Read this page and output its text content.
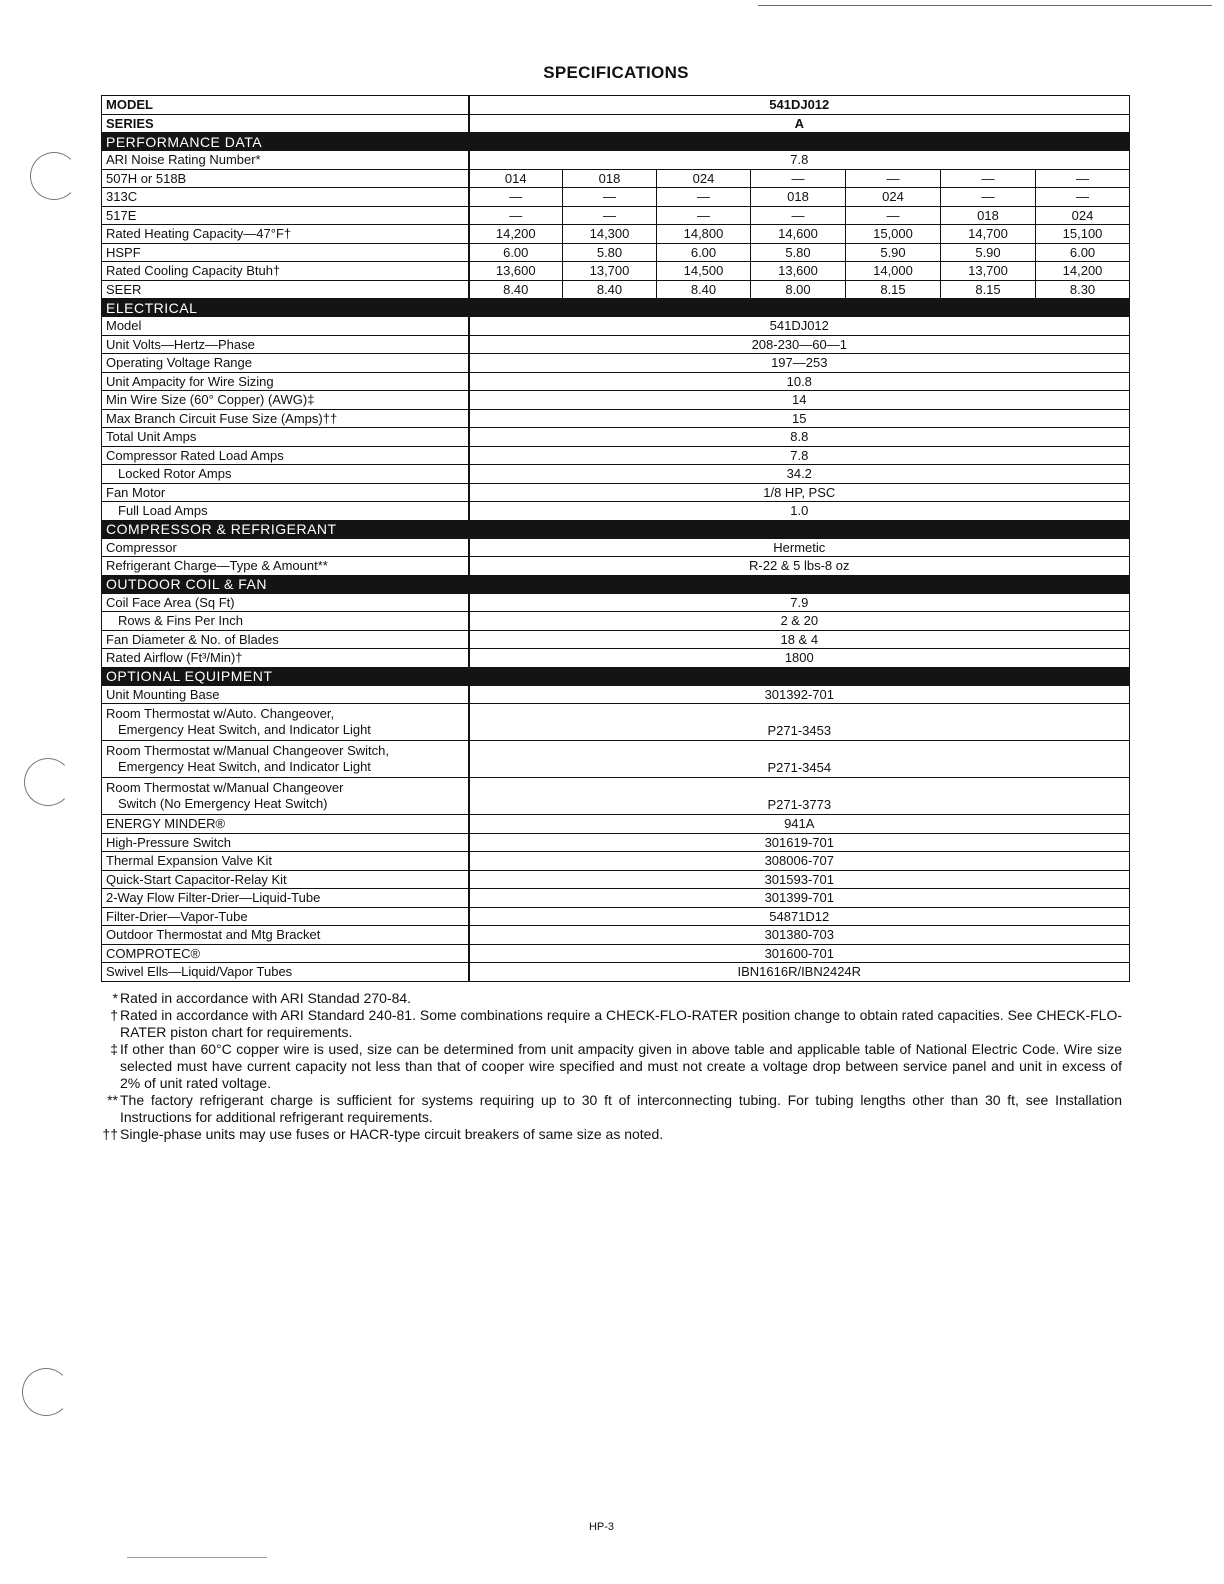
SPECIFICATIONS
MODEL	541DJ012						
SERIES	A						
PERFORMANCE DATA							
ARI Noise Rating Number*	7.8						
507H or 518B	014	018	024	—	—	—	—
313C	—	—	—	018	024	—	—
517E	—	—	—	—	—	018	024
Rated Heating Capacity—47°F†	14,200	14,300	14,800	14,600	15,000	14,700	15,100
HSPF	6.00	5.80	6.00	5.80	5.90	5.90	6.00
Rated Cooling Capacity Btuh†	13,600	13,700	14,500	13,600	14,000	13,700	14,200
SEER	8.40	8.40	8.40	8.00	8.15	8.15	8.30
ELECTRICAL							
Model	541DJ012						
Unit Volts—Hertz—Phase	208-230—60—1						
Operating Voltage Range	197—253						
Unit Ampacity for Wire Sizing	10.8						
Min Wire Size (60° Copper) (AWG)‡	14						
Max Branch Circuit Fuse Size (Amps)††	15						
Total Unit Amps	8.8						
Compressor Rated Load Amps	7.8						
Locked Rotor Amps	34.2						
Fan Motor	1/8 HP, PSC						
Full Load Amps	1.0						
COMPRESSOR & REFRIGERANT							
Compressor	Hermetic						
Refrigerant Charge—Type & Amount**	R-22 & 5 lbs-8 oz						
OUTDOOR COIL & FAN							
Coil Face Area (Sq Ft)	7.9						
Rows & Fins Per Inch	2 & 20						
Fan Diameter & No. of Blades	18 & 4						
Rated Airflow (Ft³/Min)†	1800						
OPTIONAL EQUIPMENT							
Unit Mounting Base	301392-701						

Room Thermostat w/Auto. Changeover,
Emergency Heat Switch, and Indicator Light	P271-3453						

Room Thermostat w/Manual Changeover Switch,
Emergency Heat Switch, and Indicator Light	P271-3454						

Room Thermostat w/Manual Changeover
Switch (No Emergency Heat Switch)	P271-3773						
ENERGY MINDER®	941A						
High-Pressure Switch	301619-701						
Thermal Expansion Valve Kit	308006-707						
Quick-Start Capacitor-Relay Kit	301593-701						
2-Way Flow Filter-Drier—Liquid-Tube	301399-701						
Filter-Drier—Vapor-Tube	54871D12						
Outdoor Thermostat and Mtg Bracket	301380-703						
COMPROTEC®	301600-701						
Swivel Ells—Liquid/Vapor Tubes	IBN1616R/IBN2424R						

* Rated in accordance with ARI Standad 270-84.

† Rated in accordance with ARI Standard 240-81. Some combinations require a CHECK-FLO-RATER position change to obtain rated capacities. See CHECK-FLO-RATER piston chart for requirements.

‡ If other than 60°C copper wire is used, size can be determined from unit ampacity given in above table and applicable table of National Electric Code. Wire size selected must have current capacity not less than that of cooper wire specified and must not create a voltage drop between service panel and unit in excess of 2% of unit rated voltage.

** The factory refrigerant charge is sufficient for systems requiring up to 30 ft of interconnecting tubing. For tubing lengths other than 30 ft, see Installation Instructions for additional refrigerant requirements.

†† Single-phase units may use fuses or HACR-type circuit breakers of same size as noted.

HP-3
